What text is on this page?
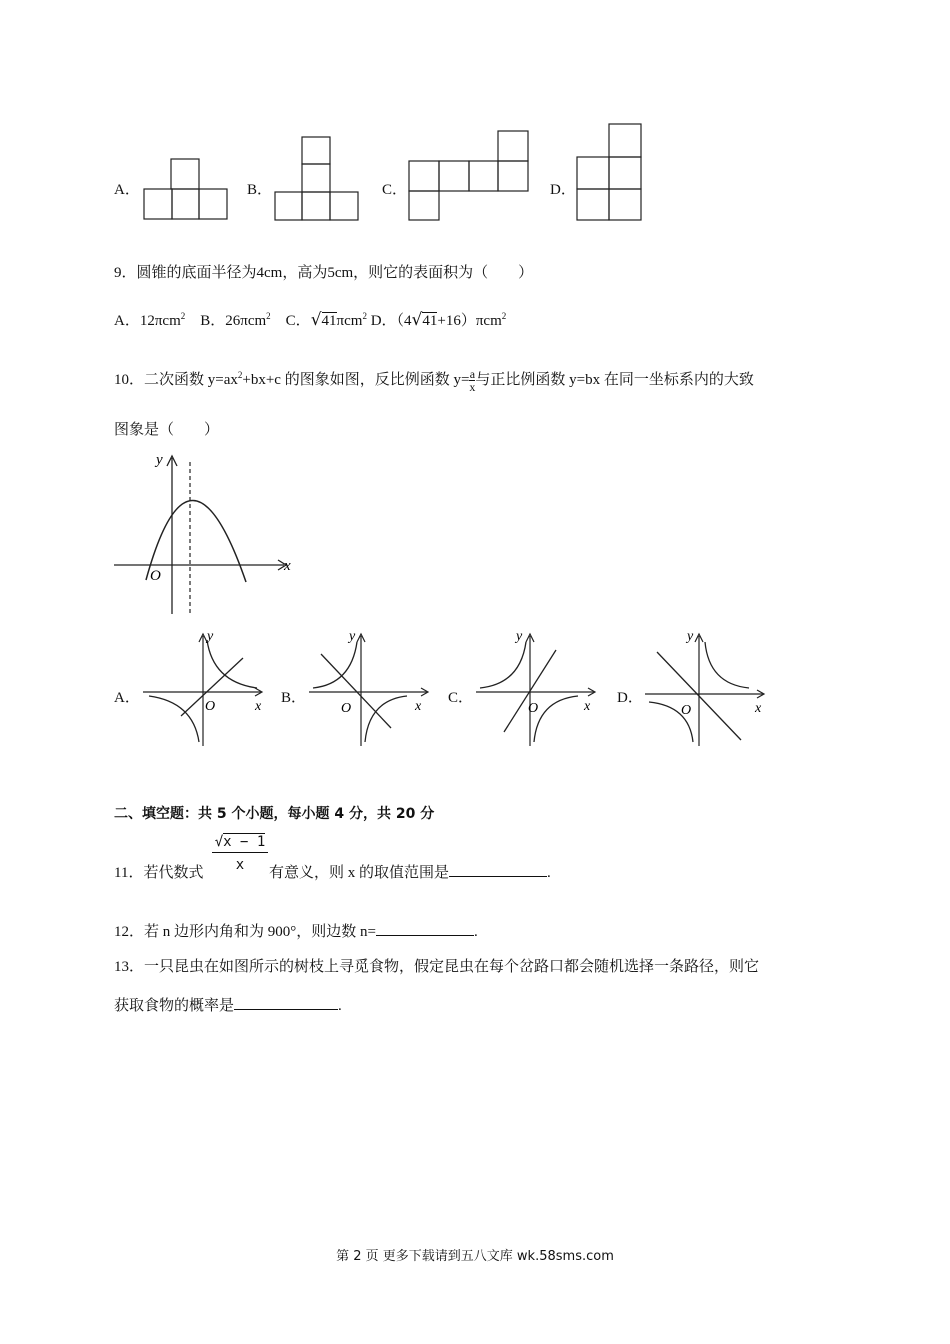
A．	B．	C．	D．
9．圆锥的底面半径为4cm，高为5cm，则它的表面积为（　　）
A．12πcm$^2$ B．26πcm$^2$ C．√41πcm$^2$ D．（4√41+16）πcm$^2$
10．二次函数 $y=ax^2+bx+c$ 的图象如图，反比例函数 $y= \frac{a}{x}$ 与正比例函数 y=bx 在同一坐标系内的大致
图象是（　　）
x
y
O
A．
x
y
O
B．
x
y
O
C．
x
y
O
D．
x
y
O
二、填空题：共 5 个小题，每小题 4 分，共 20 分
11．若代数式 $\frac{√x - 1}{x}$ 有意义，则 x 的取值范围是	.
12．若 n 边形内角和为 900°，则边数 n=	.
13．一只昆虫在如图所示的树枝上寻觅食物，假定昆虫在每个岔路口都会随机选择一条路径，则它
获取食物的概率是	.
第 2 页 更多下载请到五八文库 wk.58sms.com
